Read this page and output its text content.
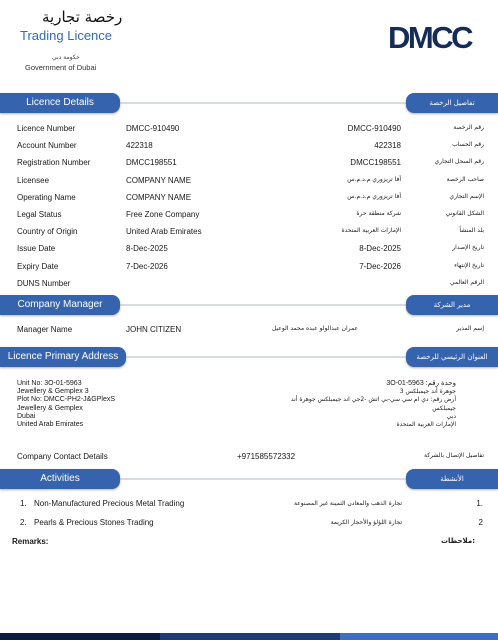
رخصة تجارية
Trading Licence
حكومة دبي
Government of Dubai
DMCC
Licence Details	تفاصيل الرخصة
Licence Number	DMCC-910490	DMCC-910490	رقم الرخصة
Account Number	422318	422318	رقم الحساب
Registration Number	DMCC198551	DMCC198551	رقم السجل التجاري
Licensee	COMPANY NAME	أفا تريزوري م.د.م.س	صاحب الرخصة
Operating Name	COMPANY NAME	أفا تريزوري م.د.م.س	الإسم التجاري
Legal Status	Free Zone Company	شركة منطقة حرة	الشكل القانوني
Country of Origin	United Arab Emirates	الإمارات العربية المتحدة	بلد المنشأ
Issue Date	8-Dec-2025	8-Dec-2025	تاريخ الإصدار
Expiry Date	7-Dec-2026	7-Dec-2026	تاريخ الإنتهاء
DUNS Number	الرقم العالمي
Company Manager	مدير الشركة
Manager Name	JOHN CITIZEN	عمران عبدالولو عبده محمد الوعيل	إسم المدير
Licence Primary Address	العنوان الرئيسي للرخصة
Unit No: 3O-01-5963
Jewellery & Gemplex 3
Plot No: DMCC-PH2-J&GPlexS
Jewellery & Gemplex
Dubai
United Arab Emirates
3O-01-5963 :وحدة رقم
جوهرة أند جيمبلكس 3
أرض رقم: دي ام سي سي-بي اتش -2جي اند جيمبلكس جوهرة أند
جيمبلكس
دبي
الإمارات العربية المتحدة
Company Contact Details	+971585572332	تفاصيل الإتصال بالشركة
Activities	الأنشطة
1. Non-Manufactured Precious Metal Trading	تجارة الذهب والمعادن الثمينة غير المصنوعة	1.
2. Pearls & Precious Stones Trading	تجارة اللؤلؤ والأحجار الكريمة	2
Remarks:	ملاحظات:
